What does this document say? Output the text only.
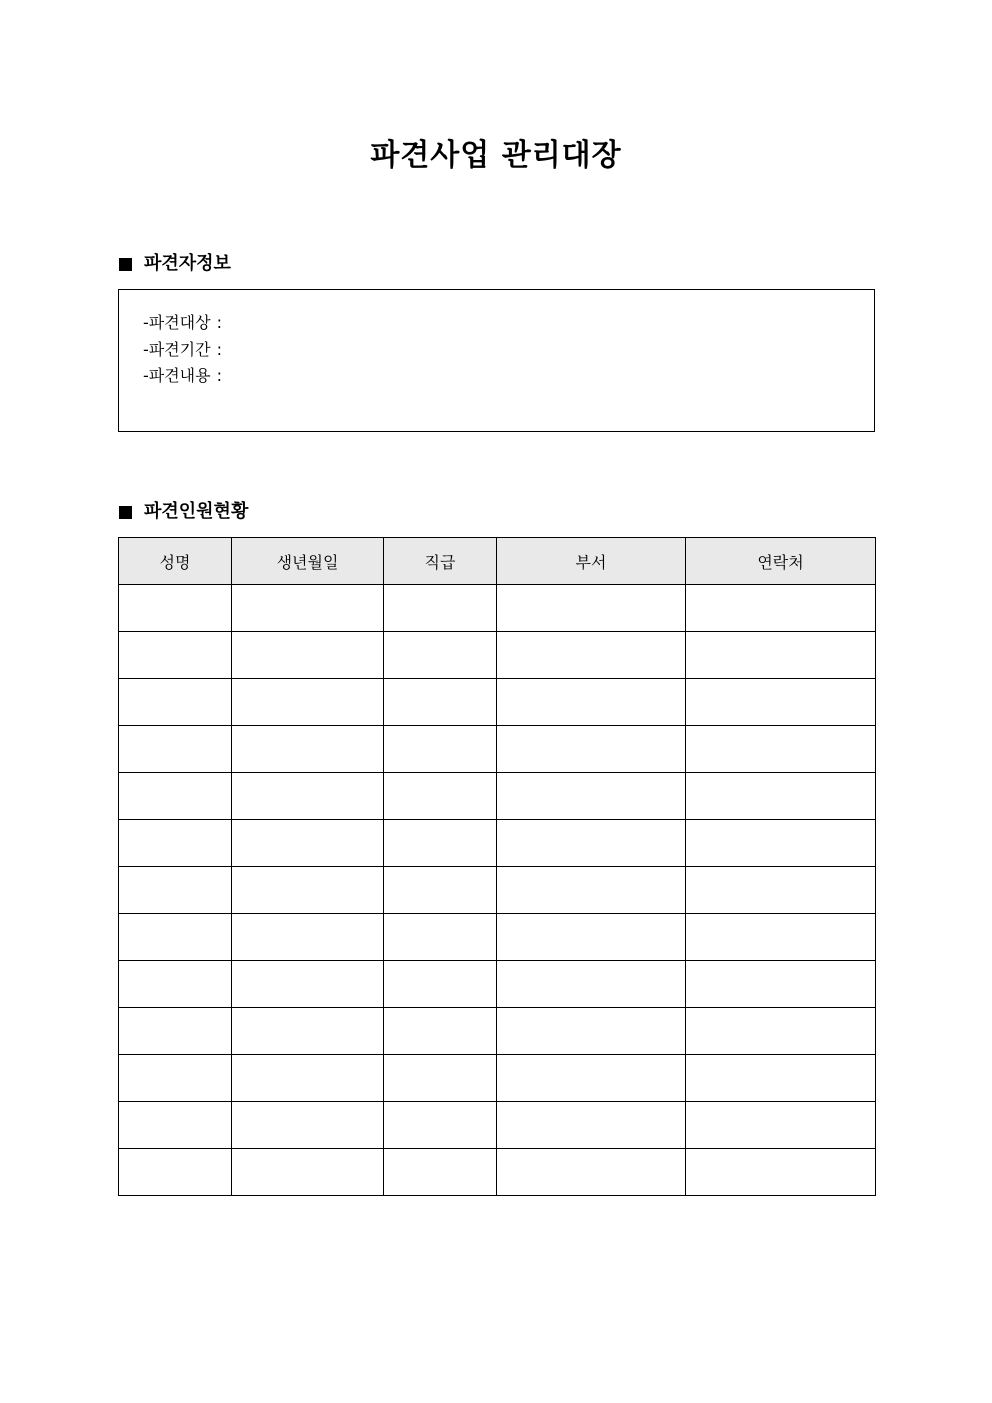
파견사업 관리대장
파견자정보
-파견대상 :
-파견기간 :
-파견내용 :
파견인원현황
성명	생년월일	직급	부서	연락처
